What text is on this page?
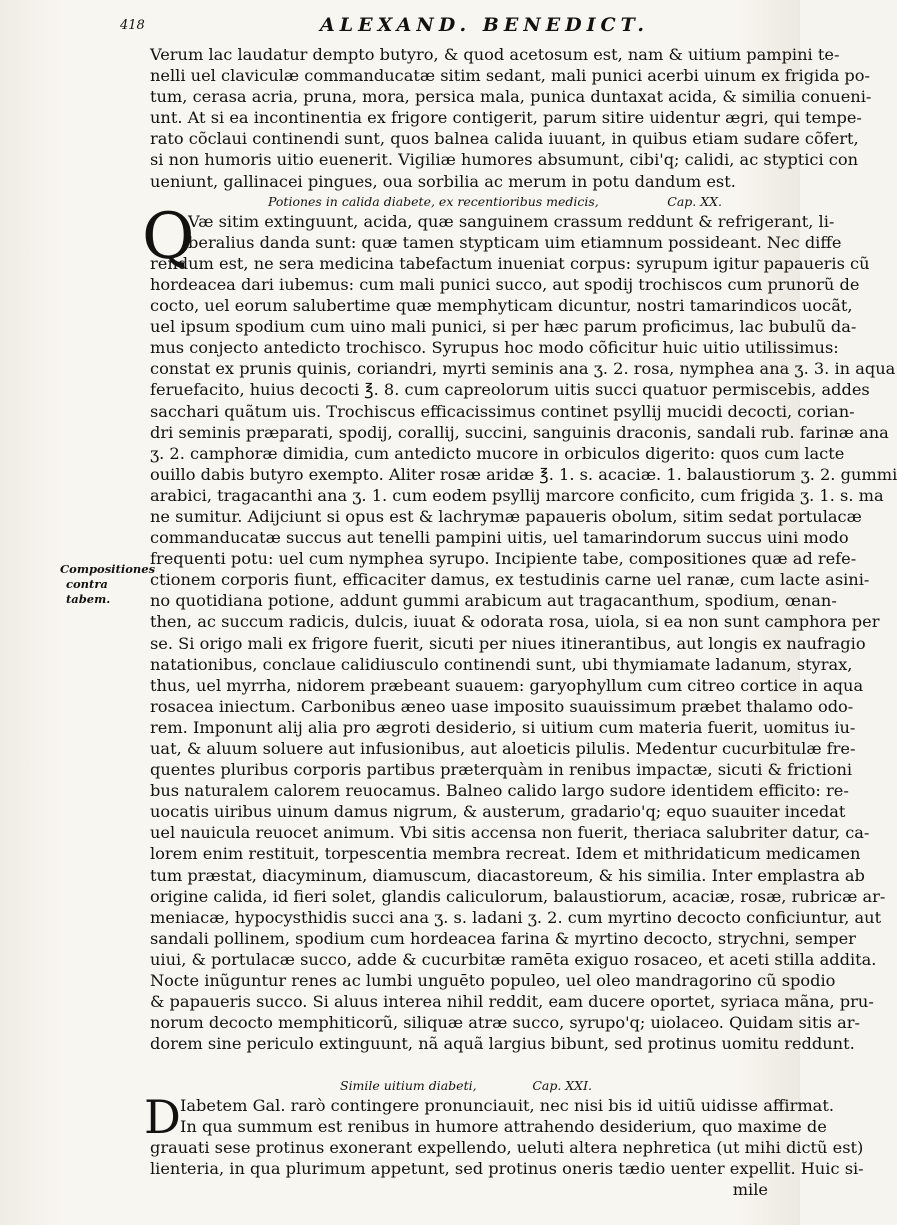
418	ALEXAND. BENEDICT.
Verum lac laudatur dempto butyro, & quod acetosum est, nam & uitium pampini te-
nelli uel claviculæ commanducatæ sitim sedant, mali punici acerbi uinum ex frigida po-
tum, cerasa acria, pruna, mora, persica mala, punica duntaxat acida, & similia conueni-
unt. At si ea incontinentia ex frigore contigerit, parum sitire uidentur ægri, qui tempe-
rato cõclaui continendi sunt, quos balnea calida iuuant, in quibus etiam sudare cõfert,
si non humoris uitio euenerit. Vigiliæ humores absumunt, cibi'q; calidi, ac styptici con
ueniunt, gallinacei pingues, oua sorbilia ac merum in potu dandum est.
Potiones in calida diabete, ex recentioribus medicis,	Cap. XX.
Q
Væ sitim extinguunt, acida, quæ sanguinem crassum reddunt & refrigerant, li-
beralius danda sunt: quæ tamen stypticam uim etiamnum possideant. Nec diffe
rendum est, ne sera medicina tabefactum inueniat corpus: syrupum igitur papaueris cũ
hordeacea dari iubemus: cum mali punici succo, aut spodij trochiscos cum prunorũ de
cocto, uel eorum salubertime quæ memphyticam dicuntur, nostri tamarindicos uocãt,
uel ipsum spodium cum uino mali punici, si per hæc parum proficimus, lac bubulũ da-
mus conjecto antedicto trochisco. Syrupus hoc modo cõficitur huic uitio utilissimus:
constat ex prunis quinis, coriandri, myrti seminis ana ʒ. 2. rosa, nymphea ana ʒ. 3. in aqua
feruefacito, huius decocti ℥. 8. cum capreolorum uitis succi quatuor permiscebis, addes
sacchari quãtum uis. Trochiscus efficacissimus continet psyllij mucidi decocti, corian-
dri seminis præparati, spodij, corallij, succini, sanguinis draconis, sandali rub. farinæ ana
ʒ. 2. camphoræ dimidia, cum antedicto mucore in orbiculos digerito: quos cum lacte
ouillo dabis butyro exempto. Aliter rosæ aridæ ℥. 1. s. acaciæ. 1. balaustiorum ʒ. 2. gummi
arabici, tragacanthi ana ʒ. 1. cum eodem psyllij marcore conficito, cum frigida ʒ. 1. s. ma
ne sumitur. Adijciunt si opus est & lachrymæ papaueris obolum, sitim sedat portulacæ
commanducatæ succus aut tenelli pampini uitis, uel tamarindorum succus uini modo
frequenti potu: uel cum nymphea syrupo. Incipiente tabe, compositiones quæ ad refe-
ctionem corporis fiunt, efficaciter damus, ex testudinis carne uel ranæ, cum lacte asini-
no quotidiana potione, addunt gummi arabicum aut tragacanthum, spodium, œnan-
then, ac succum radicis, dulcis, iuuat & odorata rosa, uiola, si ea non sunt camphora per
se. Si origo mali ex frigore fuerit, sicuti per niues itinerantibus, aut longis ex naufragio
natationibus, conclaue calidiusculo continendi sunt, ubi thymiamate ladanum, styrax,
thus, uel myrrha, nidorem præbeant suauem: garyophyllum cum citreo cortice in aqua
rosacea iniectum. Carbonibus æneo uase imposito suauissimum præbet thalamo odo-
rem. Imponunt alij alia pro ægroti desiderio, si uitium cum materia fuerit, uomitus iu-
uat, & aluum soluere aut infusionibus, aut aloeticis pilulis. Medentur cucurbitulæ fre-
quentes pluribus corporis partibus præterquàm in renibus impactæ, sicuti & frictioni
bus naturalem calorem reuocamus. Balneo calido largo sudore identidem efficito: re-
uocatis uiribus uinum damus nigrum, & austerum, gradario'q; equo suauiter incedat
uel nauicula reuocet animum. Vbi sitis accensa non fuerit, theriaca salubriter datur, ca-
lorem enim restituit, torpescentia membra recreat. Idem et mithridaticum medicamen
tum præstat, diacyminum, diamuscum, diacastoreum, & his similia. Inter emplastra ab
origine calida, id fieri solet, glandis caliculorum, balaustiorum, acaciæ, rosæ, rubricæ ar-
meniacæ, hypocysthidis succi ana ʒ. s. ladani ʒ. 2. cum myrtino decocto conficiuntur, aut
sandali pollinem, spodium cum hordeacea farina & myrtino decocto, strychni, semper
uiui, & portulacæ succo, adde & cucurbitæ ramēta exiguo rosaceo, et aceti stilla addita.
Nocte inũguntur renes ac lumbi unguēto populeo, uel oleo mandragorino cũ spodio
& papaueris succo. Si aluus interea nihil reddit, eam ducere oportet, syriaca mãna, pru-
norum decocto memphiticorũ, siliquæ atræ succo, syrupo'q; uiolaceo. Quidam sitis ar-
dorem sine periculo extinguunt, nã aquã largius bibunt, sed protinus uomitu reddunt.
Simile uitium diabeti,	Cap. XXI.
D Iabetem Gal. rarò contingere pronunciauit, nec nisi bis id uitiũ uidisse affirmat.
In qua summum est renibus in humore attrahendo desiderium, quo maxime de
grauati sese protinus exonerant expellendo, ueluti altera nephretica (ut mihi dictũ est)
lienteria, in qua plurimum appetunt, sed protinus oneris tædio uenter expellit. Huic si-
mile
Compositiones
contra tabem.
